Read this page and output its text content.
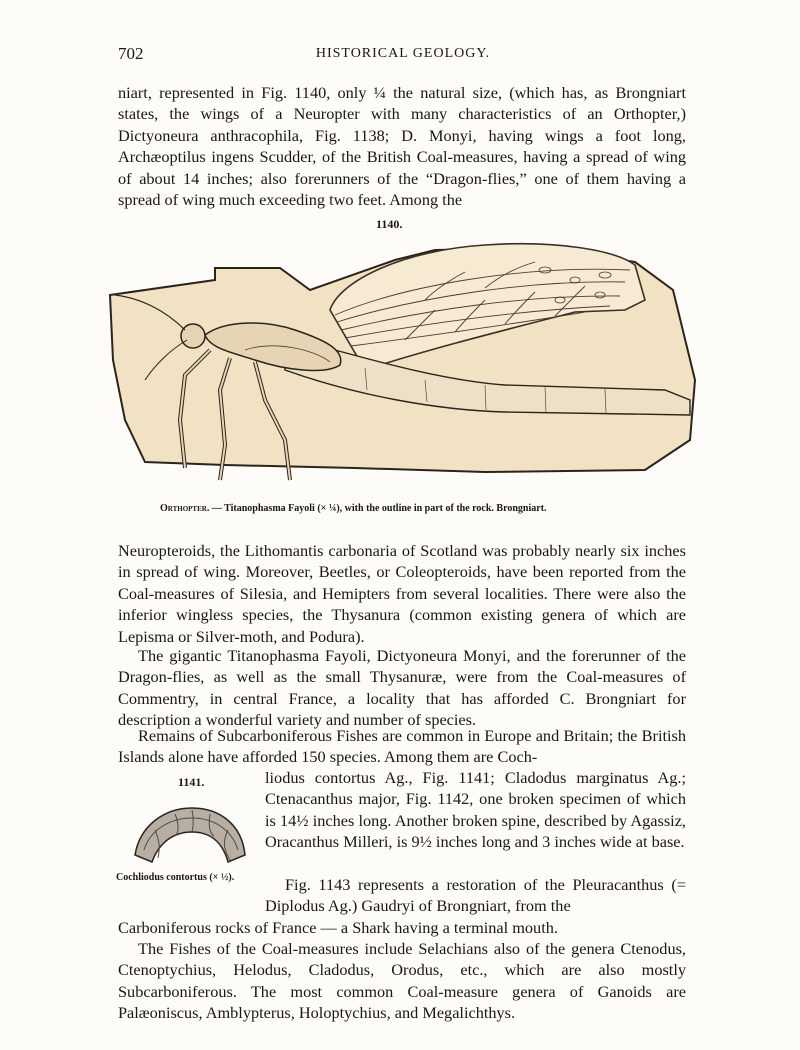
702	HISTORICAL GEOLOGY.

niart, represented in Fig. 1140, only ¼ the natural size, (which has, as Brongniart states, the wings of a Neuropter with many characteristics of an Orthopter,) Dictyoneura anthracophila, Fig. 1138; D. Monyi, having wings a foot long, Archæoptilus ingens Scudder, of the British Coal-measures, having a spread of wing of about 14 inches; also forerunners of the “Dragon-flies,” one of them having a spread of wing much exceeding two feet. Among the

1140.
Orthopter. — Titanophasma Fayoli (× ¼), with the outline in part of the rock. Brongniart.

Neuropteroids, the Lithomantis carbonaria of Scotland was probably nearly six inches in spread of wing. Moreover, Beetles, or Coleopteroids, have been reported from the Coal-measures of Silesia, and Hemipters from several localities. There were also the inferior wingless species, the Thysanura (common existing genera of which are Lepisma or Silver-moth, and Podura).

The gigantic Titanophasma Fayoli, Dictyoneura Monyi, and the forerunner of the Dragon-flies, as well as the small Thysanuræ, were from the Coal-measures of Commentry, in central France, a locality that has afforded C. Brongniart for description a wonderful variety and number of species.

Remains of Subcarboniferous Fishes are common in Europe and Britain; the British Islands alone have afforded 150 species. Among them are Coch-

1141.
Cochliodus contortus (× ½).

liodus contortus Ag., Fig. 1141; Cladodus marginatus Ag.; Ctenacanthus major, Fig. 1142, one broken specimen of which is 14½ inches long. Another broken spine, described by Agassiz, Oracanthus Milleri, is 9½ inches long and 3 inches wide at base.

Fig. 1143 represents a restoration of the Pleuracanthus (= Diplodus Ag.) Gaudryi of Brongniart, from the

Carboniferous rocks of France — a Shark having a terminal mouth.

The Fishes of the Coal-measures include Selachians also of the genera Ctenodus, Ctenoptychius, Helodus, Cladodus, Orodus, etc., which are also mostly Subcarboniferous. The most common Coal-measure genera of Ganoids are Palæoniscus, Amblypterus, Holoptychius, and Megalichthys.
